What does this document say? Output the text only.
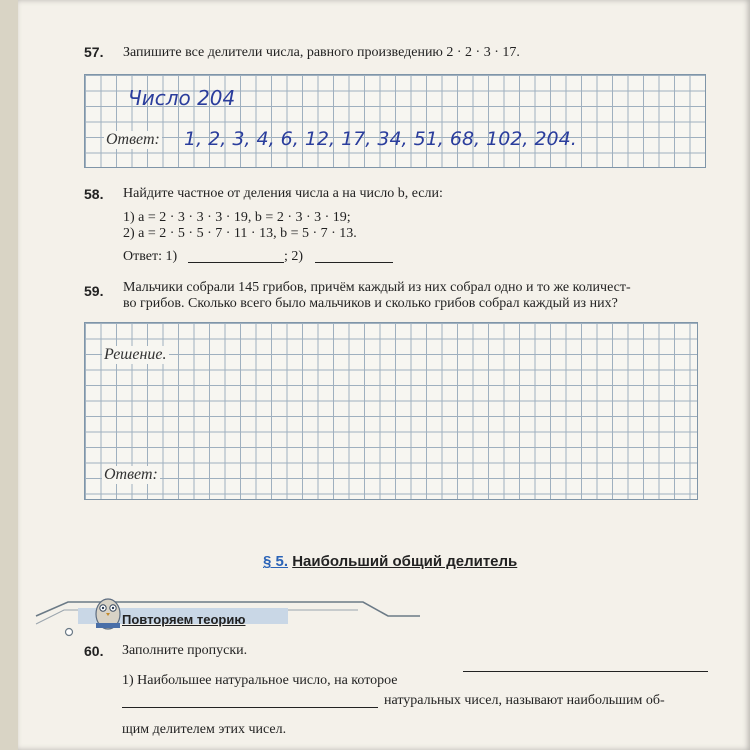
57. Запишите все делители числа, равного произведению 2 · 2 · 3 · 17.
Число 204
Ответ: 1, 2, 3, 4, 6, 12, 17, 34, 51, 68, 102, 204.
58. Найдите частное от деления числа a на число b, если:
1) a = 2 · 3 · 3 · 3 · 19, b = 2 · 3 · 3 · 19;
2) a = 2 · 5 · 5 · 7 · 11 · 13, b = 5 · 7 · 13.
Ответ: 1)	; 2)
59. Мальчики собрали 145 грибов, причём каждый из них собрал одно и то же количест-
во грибов. Сколько всего было мальчиков и сколько грибов собрал каждый из них?
Решение.
Ответ:
§ 5. Наибольший общий делитель
Повторяем теорию
60. Заполните пропуски.
1) Наибольшее натуральное число, на которое
натуральных чисел, называют наибольшим об-
щим делителем этих чисел.
